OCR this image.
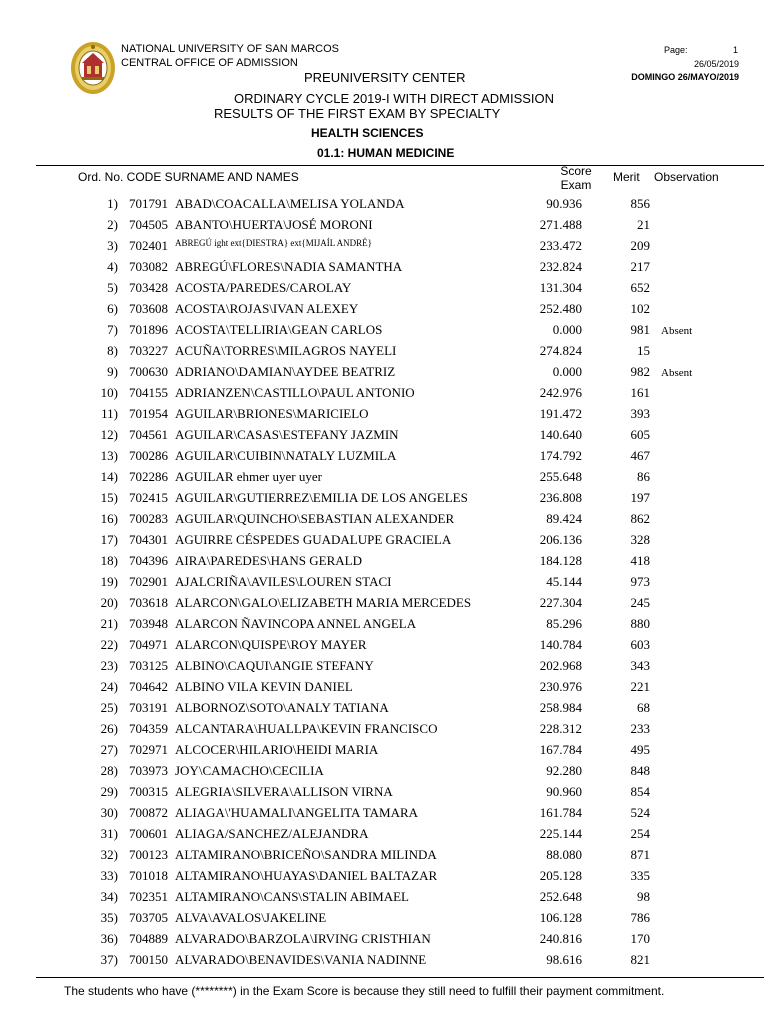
NATIONAL UNIVERSITY OF SAN MARCOS
CENTRAL OFFICE OF ADMISSION
PREUNIVERSITY CENTER
ORDINARY CYCLE 2019-I WITH DIRECT ADMISSION
RESULTS OF THE FIRST EXAM BY SPECIALTY
HEALTH SCIENCES
01.1: HUMAN MEDICINE
Page:	1
26/05/2019
DOMINGO 26/MAYO/2019
Ord. No. CODE SURNAME AND NAMES	Score
Exam
Merit Observation
1) 701791 ABAD\COACALLA\MELISA YOLANDA	90.936	856
2) 704505 ABANTO\HUERTA\JOSÉ MORONI	271.488	21
3) 702401 ABREGÚ ight ext{DIESTRA} ext{MIJAÍL ANDRÉ}	233.472	209
4) 703082 ABREGÚ\FLORES\NADIA SAMANTHA	232.824	217
5) 703428 ACOSTA/PAREDES/CAROLAY	131.304	652
6) 703608 ACOSTA\ROJAS\IVAN ALEXEY	252.480	102
7) 701896 ACOSTA\TELLIRIA\GEAN CARLOS	0.000	981 Absent
8) 703227 ACUÑA\TORRES\MILAGROS NAYELI	274.824	15
9) 700630 ADRIANO\DAMIAN\AYDEE BEATRIZ	0.000	982 Absent
10) 704155 ADRIANZEN\CASTILLO\PAUL ANTONIO	242.976	161
11) 701954 AGUILAR\BRIONES\MARICIELO	191.472	393
12) 704561 AGUILAR\CASAS\ESTEFANY JAZMIN	140.640	605
13) 700286 AGUILAR\CUIBIN\NATALY LUZMILA	174.792	467
14) 702286 AGUILAR ehmer uyer uyer	255.648	86
15) 702415 AGUILAR\GUTIERREZ\EMILIA DE LOS ANGELES	236.808	197
16) 700283 AGUILAR\QUINCHO\SEBASTIAN ALEXANDER	89.424	862
17) 704301 AGUIRRE CÉSPEDES GUADALUPE GRACIELA	206.136	328
18) 704396 AIRA\PAREDES\HANS GERALD	184.128	418
19) 702901 AJALCRIÑA\AVILES\LOUREN STACI	45.144	973
20) 703618 ALARCON\GALO\ELIZABETH MARIA MERCEDES	227.304	245
21) 703948 ALARCON ÑAVINCOPA ANNEL ANGELA	85.296	880
22) 704971 ALARCON\QUISPE\ROY MAYER	140.784	603
23) 703125 ALBINO\CAQUI\ANGIE STEFANY	202.968	343
24) 704642 ALBINO VILA KEVIN DANIEL	230.976	221
25) 703191 ALBORNOZ\SOTO\ANALY TATIANA	258.984	68
26) 704359 ALCANTARA\HUALLPA\KEVIN FRANCISCO	228.312	233
27) 702971 ALCOCER\HILARIO\HEIDI MARIA	167.784	495
28) 703973 JOY\CAMACHO\CECILIA	92.280	848
29) 700315 ALEGRIA\SILVERA\ALLISON VIRNA	90.960	854
30) 700872 ALIAGA\'HUAMALI\ANGELITA TAMARA	161.784	524
31) 700601 ALIAGA/SANCHEZ/ALEJANDRA	225.144	254
32) 700123 ALTAMIRANO\BRICEÑO\SANDRA MILINDA	88.080	871
33) 701018 ALTAMIRANO\HUAYAS\DANIEL BALTAZAR	205.128	335
34) 702351 ALTAMIRANO\CANS\STALIN ABIMAEL	252.648	98
35) 703705 ALVA\AVALOS\JAKELINE	106.128	786
36) 704889 ALVARADO\BARZOLA\IRVING CRISTHIAN	240.816	170
37) 700150 ALVARADO\BENAVIDES\VANIA NADINNE	98.616	821
The students who have (********) in the Exam Score is because they still need to fulfill their payment commitment.
